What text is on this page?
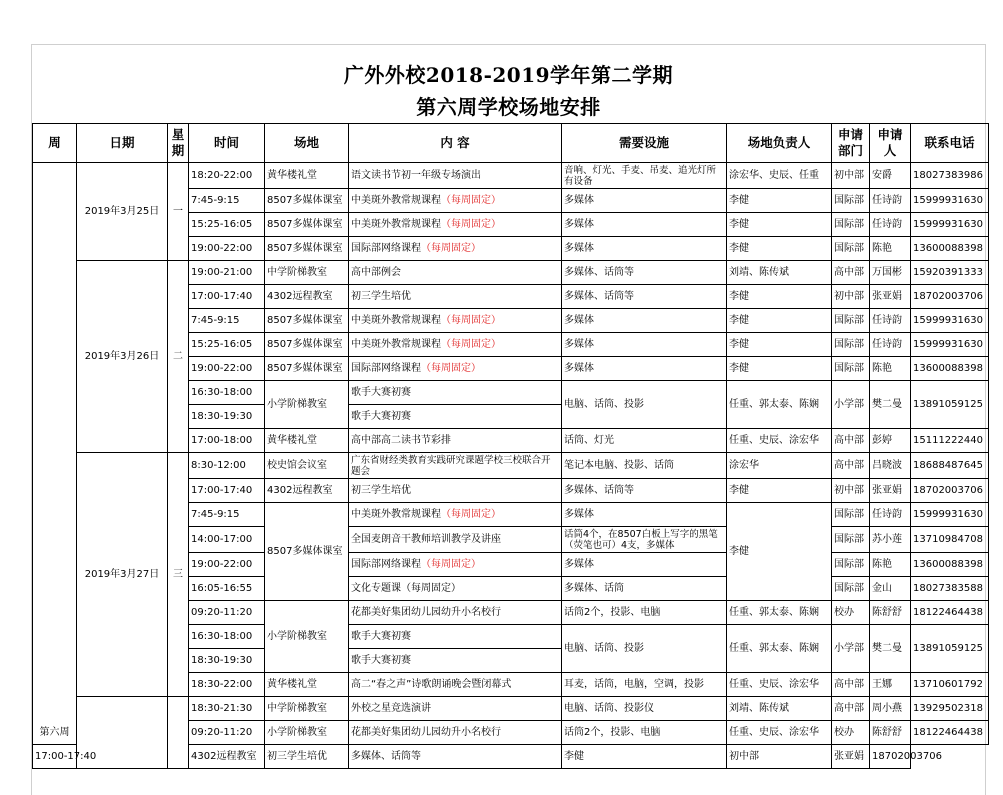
广外外校2018-2019学年第二学期
第六周学校场地安排
周	日期	星期	时间	场地	内 容	需要设施	场地负责人	申请部门	申请人	联系电话
第六周	2019年3月25日	一	18:20-22:00	黄华楼礼堂	语文读书节初一年级专场演出	音响、灯光、手麦、吊麦、追光灯所有设备	涂宏华、史辰、任重	初中部	安爵	18027383986
			7:45-9:15	8507多媒体课室	中美斑外教常规课程（每周固定）	多媒体	李健	国际部	任诗韵	15999931630
			15:25-16:05	8507多媒体课室	中美斑外教常规课程（每周固定）	多媒体	李健	国际部	任诗韵	15999931630
			19:00-22:00	8507多媒体课室	国际部网络课程（每周固定）	多媒体	李健	国际部	陈艳	13600088398
	2019年3月26日	二	19:00-21:00	中学阶梯教室	高中部例会	多媒体、话筒等	刘靖、陈传斌	高中部	万国彬	15920391333
			17:00-17:40	4302远程教室	初三学生培优	多媒体、话筒等	李健	初中部	张亚娟	18702003706
			7:45-9:15	8507多媒体课室	中美斑外教常规课程（每周固定）	多媒体	李健	国际部	任诗韵	15999931630
			15:25-16:05	8507多媒体课室	中美斑外教常规课程（每周固定）	多媒体	李健	国际部	任诗韵	15999931630
			19:00-22:00	8507多媒体课室	国际部网络课程（每周固定）	多媒体	李健	国际部	陈艳	13600088398
			16:30-18:00	小学阶梯教室	歌手大赛初赛	电脑、话筒、投影	任重、郭太泰、陈娴	小学部	樊二曼	13891059125
			18:30-19:30		歌手大赛初赛					
			17:00-18:00	黄华楼礼堂	高中部高二读书节彩排	话筒、灯光	任重、史辰、涂宏华	高中部	彭婷	15111222440
	2019年3月27日	三	8:30-12:00	校史馆会议室	广东省财经类教育实践研究课题学校三校联合开题会	笔记本电脑、投影、话筒	涂宏华	高中部	吕晓波	18688487645
			17:00-17:40	4302远程教室	初三学生培优	多媒体、话筒等	李健	初中部	张亚娟	18702003706
			7:45-9:15	8507多媒体课室	中美斑外教常规课程（每周固定）	多媒体	李健	国际部	任诗韵	15999931630
			14:00-17:00		全国麦朗音干教师培训教学及讲座	话筒4个，在8507白板上写字的黑笔（荧笔也可）4支，多媒体		国际部	苏小莲	13710984708
			19:00-22:00		国际部网络课程（每周固定）	多媒体		国际部	陈艳	13600088398
			16:05-16:55		文化专题课（每周固定）	多媒体、话筒		国际部	金山	18027383588
			09:20-11:20	小学阶梯教室	花都美好集团幼儿园幼升小名校行	话筒2个，投影、电脑	任重、郭太泰、陈娴	校办	陈舒舒	18122464438
			16:30-18:00		歌手大赛初赛	电脑、话筒、投影	任重、郭太泰、陈娴	小学部	樊二曼	13891059125
			18:30-19:30		歌手大赛初赛					
			18:30-22:00	黄华楼礼堂	高二“春之声”诗歌朗诵晚会暨闭幕式	耳麦，话筒，电脑，空调，投影	任重、史辰、涂宏华	高中部	王娜	13710601792
			18:30-21:30	中学阶梯教室	外校之星竞选演讲	电脑、话筒、投影仪	刘靖、陈传斌	高中部	周小燕	13929502318
			09:20-11:20	小学阶梯教室	花都美好集团幼儿园幼升小名校行	话筒2个，投影、电脑	任重、史辰、涂宏华	校办	陈舒舒	18122464438
17:00-17:40			4302远程教室	初三学生培优	多媒体、话筒等	李健	初中部	张亚娟	18702003706	
